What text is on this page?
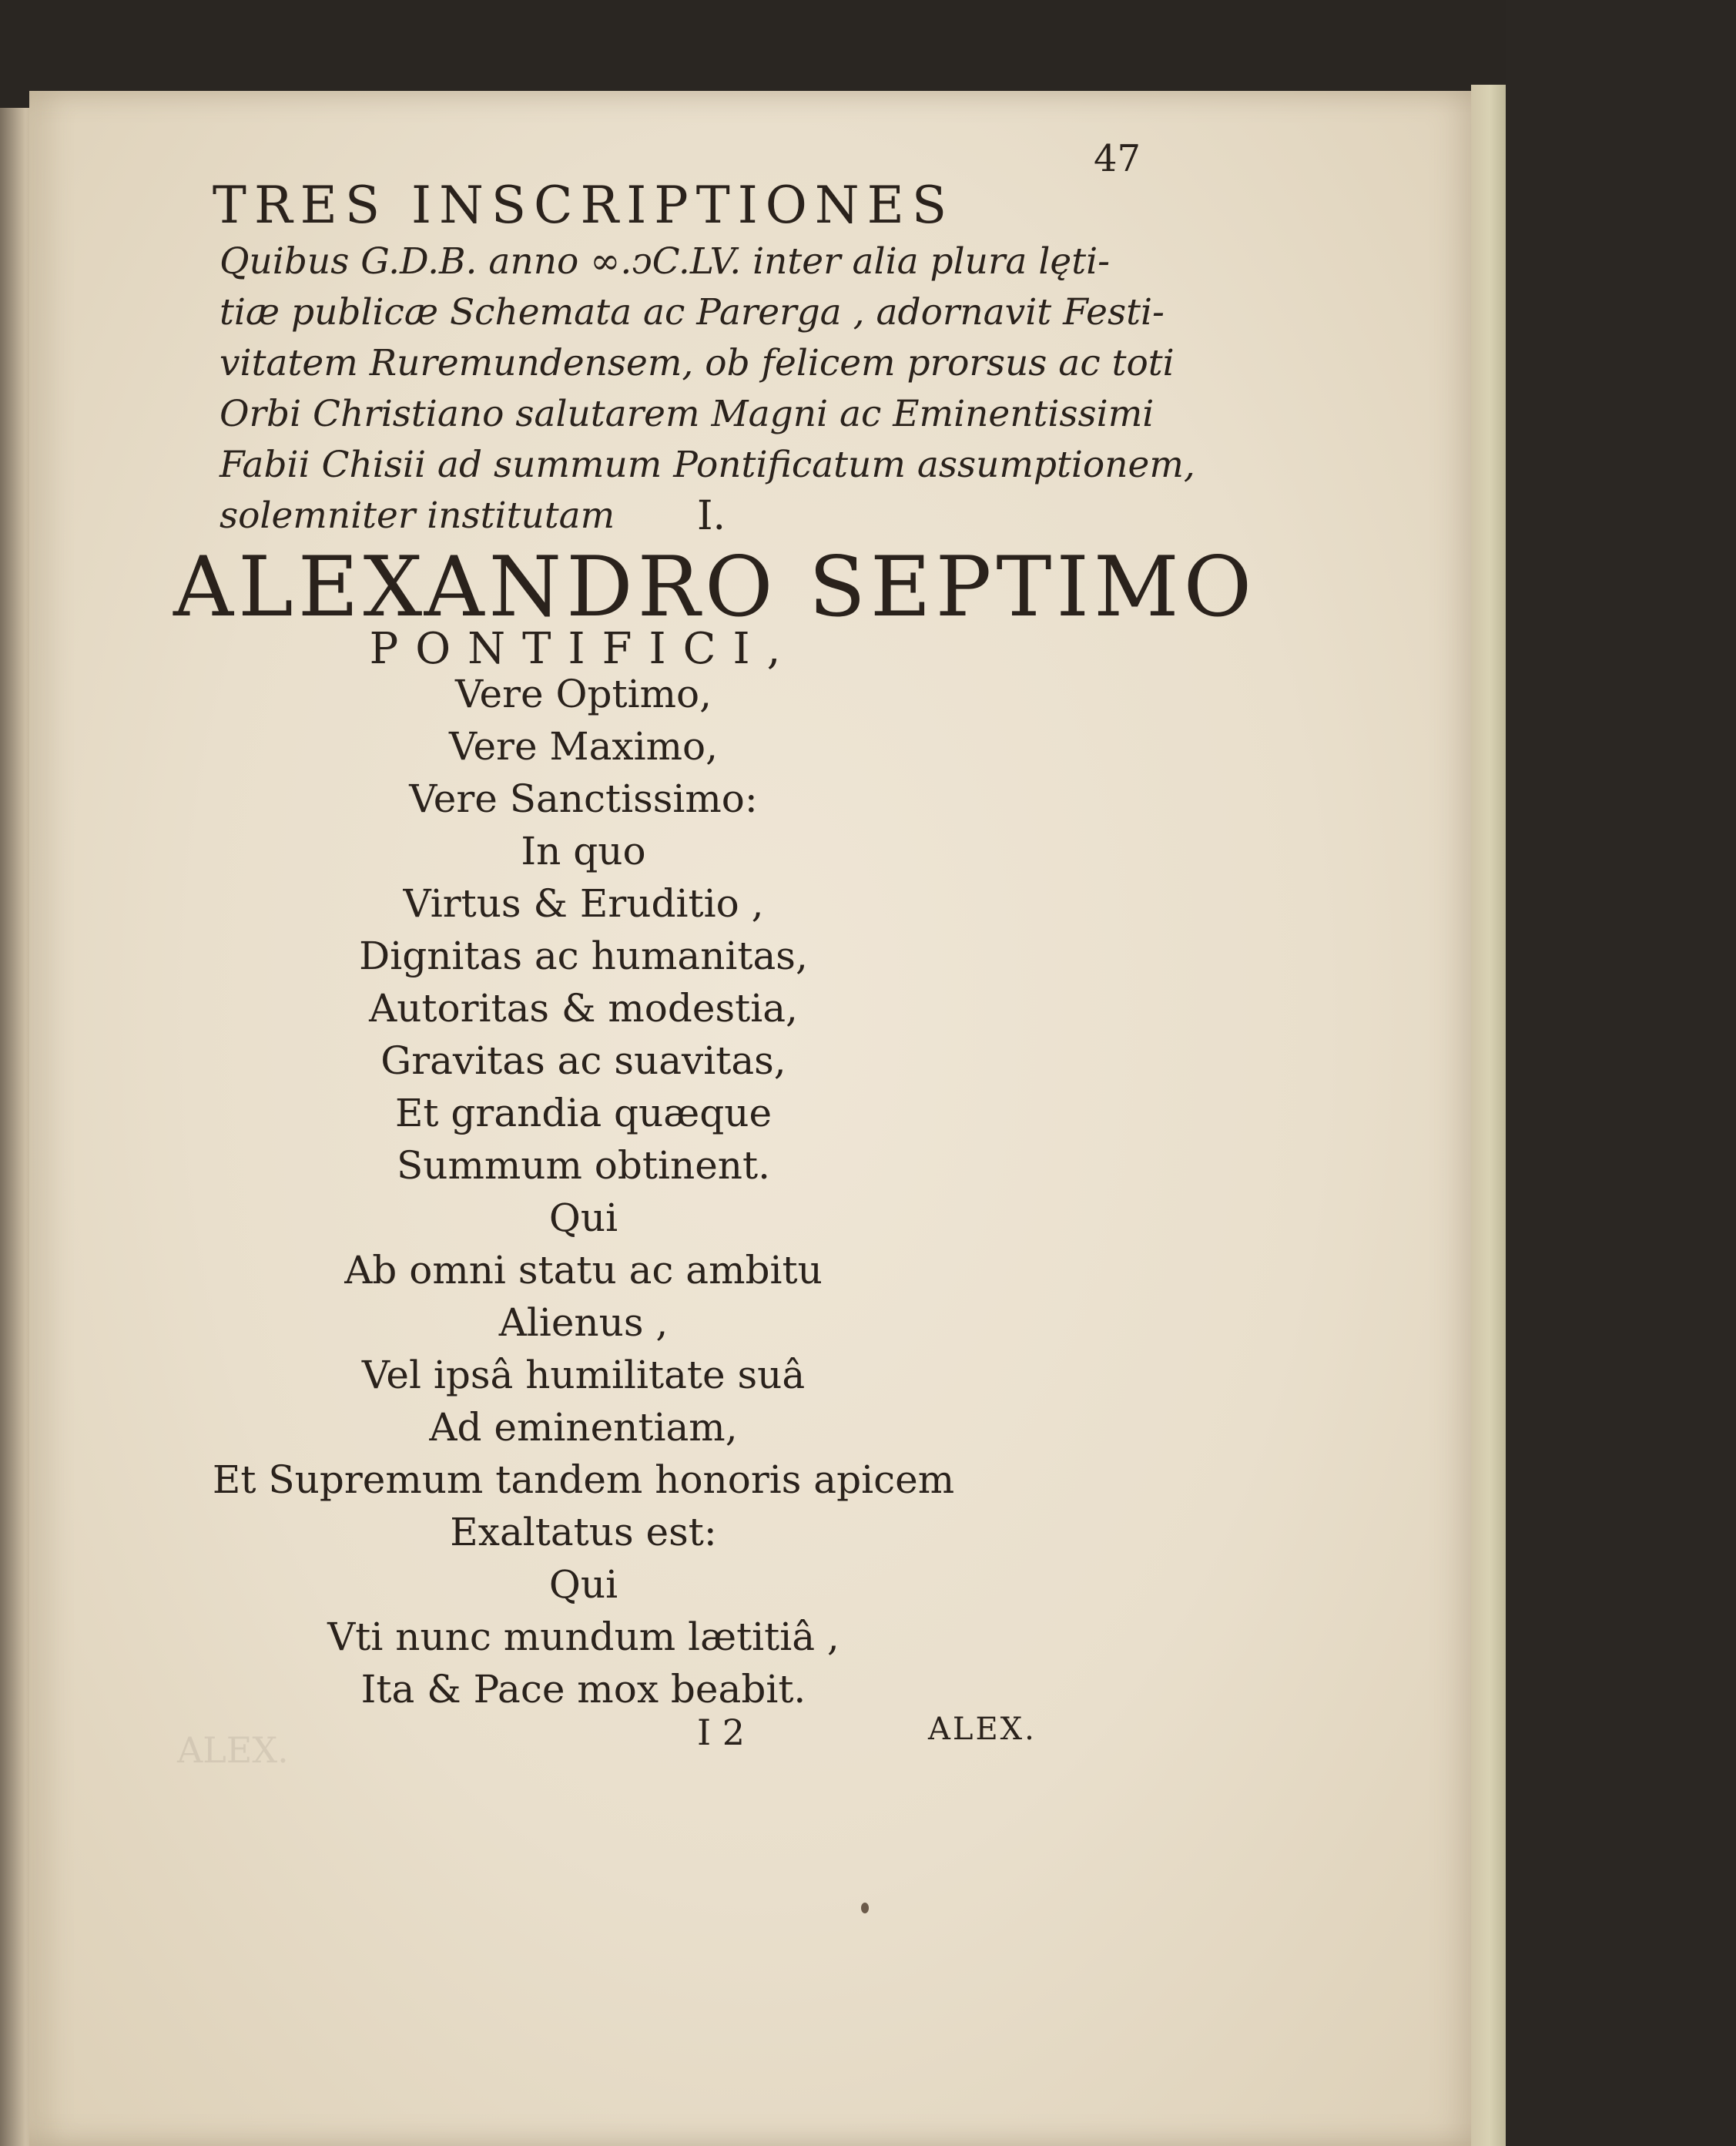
ALEX.
47
TRES INSCRIPTIONES
Quibus G.D.B. anno ∞.ↄC.LV. inter alia plura lęti-
tiæ publicæ Schemata ac Parerga , adornavit Festi-
vitatem Ruremundensem, ob felicem prorsus ac toti
Orbi Christiano salutarem Magni ac Eminentissimi
Fabii Chisii ad summum Pontificatum assumptionem,
solemniter institutam I.
ALEXANDRO SEPTIMO
PONTIFICI,
Vere Optimo,
Vere Maximo,
Vere Sanctissimo:
In quo
Virtus & Eruditio ,
Dignitas ac humanitas,
Autoritas & modestia,
Gravitas ac suavitas,
Et grandia quæque
Summum obtinent.
Qui
Ab omni statu ac ambitu
Alienus ,
Vel ipsâ humilitate suâ
Ad eminentiam,
Et Supremum tandem honoris apicem
Exaltatus est:
Qui
Vti nunc mundum lætitiâ ,
Ita & Pace mox beabit.
I 2	ALEX.
